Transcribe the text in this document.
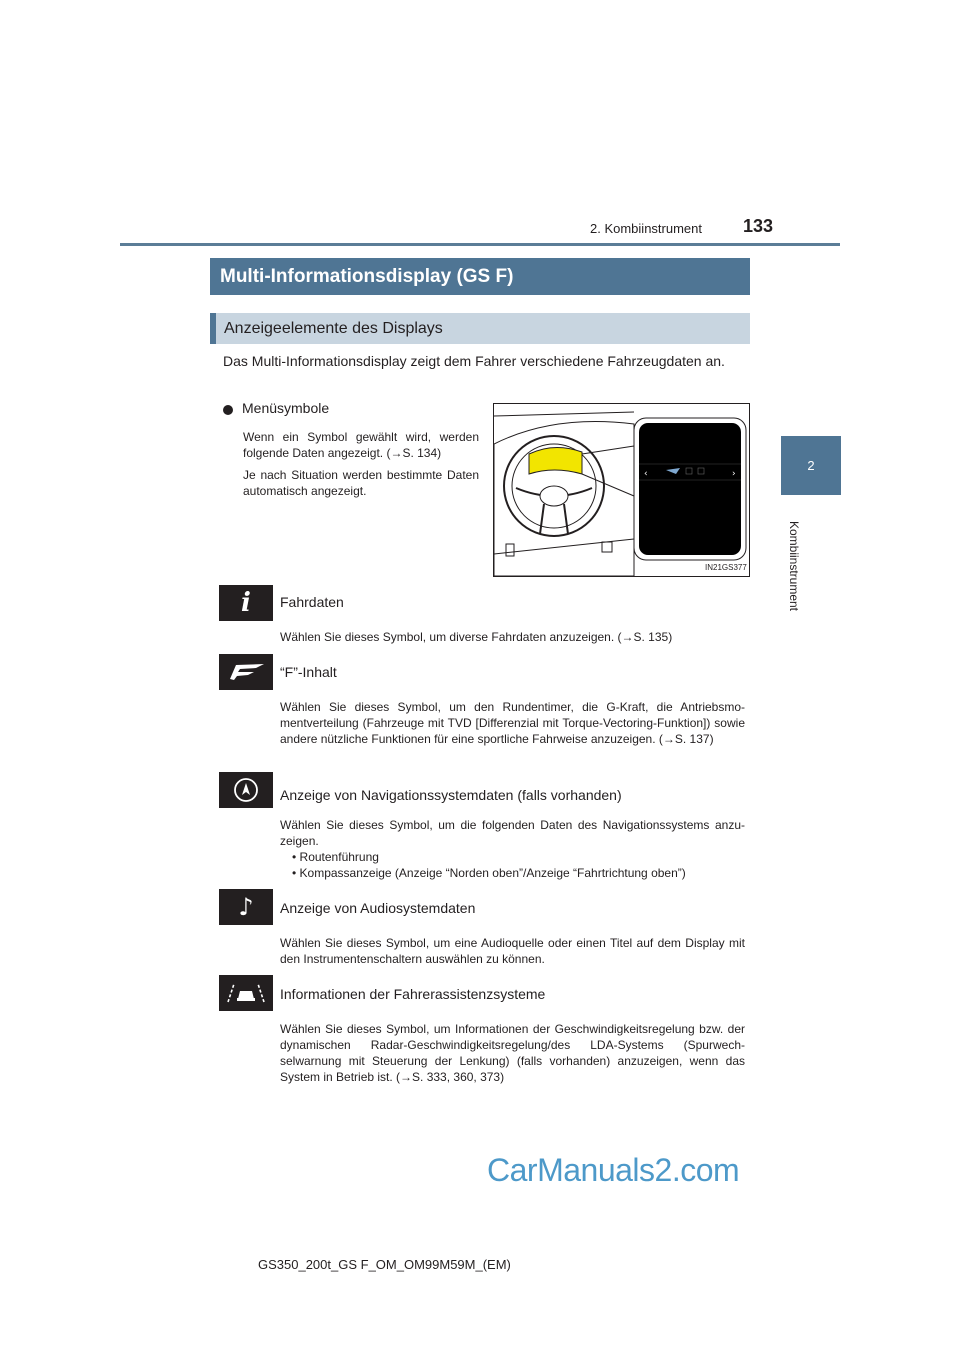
2. Kombiinstrument 133
2
Kombiinstrument
Multi-Informationsdisplay (GS F)
Anzeigeelemente des Displays
Das Multi-Informationsdisplay zeigt dem Fahrer verschiedene Fahrzeugdaten an.
Menüsymbole
Wenn ein Symbol gewählt wird, werden folgende Daten angezeigt. (→S. 134)
Je nach Situation werden bestimmte Daten automatisch angezeigt.
‹	›
IN21GS377
i Fahrdaten
Wählen Sie dieses Symbol, um diverse Fahrdaten anzuzeigen. (→S. 135)
“F”-Inhalt
Wählen Sie dieses Symbol, um den Rundentimer, die G-Kraft, die Antriebsmo-mentverteilung (Fahrzeuge mit TVD [Differenzial mit Torque-Vectoring-Funktion]) sowie andere nützliche Funktionen für eine sportliche Fahrweise anzuzeigen. (→S. 137)
Anzeige von Navigationssystemdaten (falls vorhanden)
Wählen Sie dieses Symbol, um die folgenden Daten des Navigationssystems anzu-zeigen.
• Routenführung
• Kompassanzeige (Anzeige “Norden oben”/Anzeige “Fahrtrichtung oben”)
♪ Anzeige von Audiosystemdaten
Wählen Sie dieses Symbol, um eine Audioquelle oder einen Titel auf dem Display mit den Instrumentenschaltern auswählen zu können.
Informationen der Fahrerassistenzsysteme
Wählen Sie dieses Symbol, um Informationen der Geschwindigkeitsregelung bzw. der dynamischen Radar-Geschwindigkeitsregelung/des LDA-Systems (Spurwech-selwarnung mit Steuerung der Lenkung) (falls vorhanden) anzuzeigen, wenn das System in Betrieb ist. (→S. 333, 360, 373)
CarManuals2.com
GS350_200t_GS F_OM_OM99M59M_(EM)
